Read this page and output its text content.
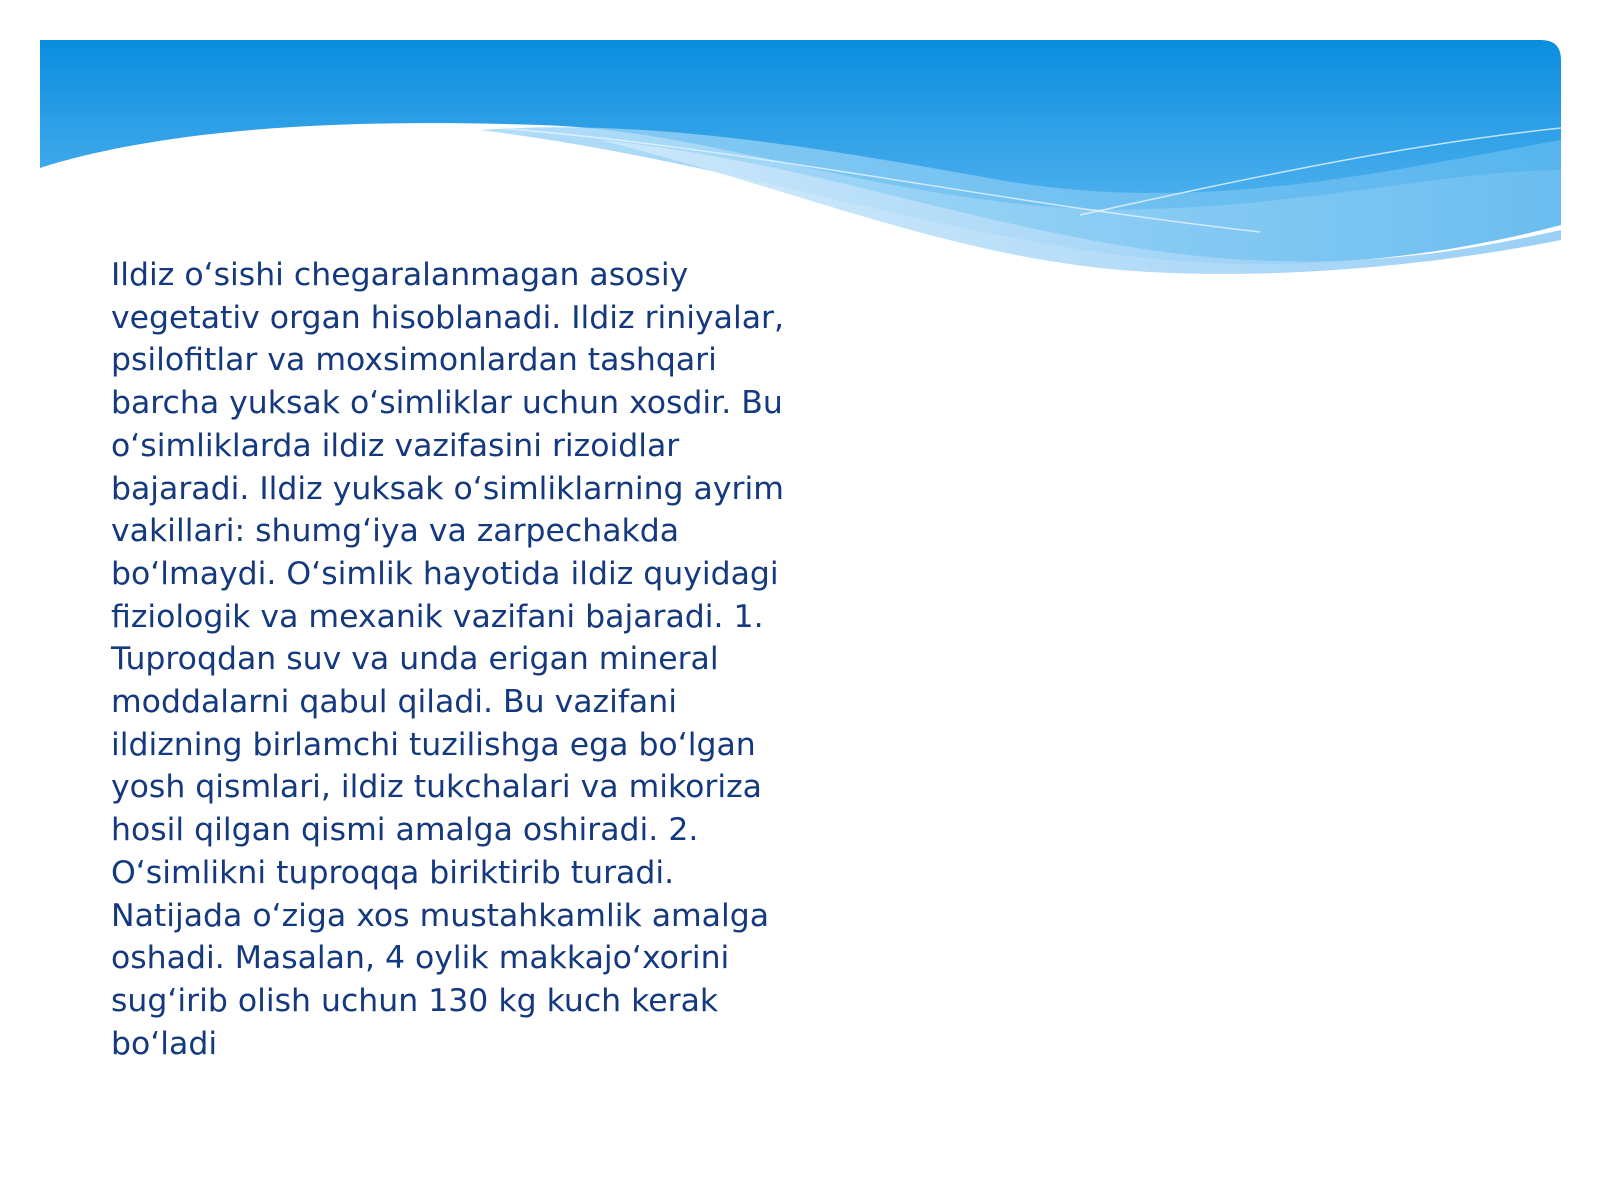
Ildiz o‘sishi chegaralanmagan asosiy vegetativ organ hisoblanadi. Ildiz riniyalar, psilofitlar va moxsimonlardan tashqari barcha yuksak o‘simliklar uchun xosdir. Bu o‘simliklarda ildiz vazifasini rizoidlar bajaradi. Ildiz yuksak o‘simliklarning ayrim vakillari: shumg‘iya va zarpechakda bo‘lmaydi. O‘simlik hayotida ildiz quyidagi fiziologik va mexanik vazifani bajaradi. 1. Tuproqdan suv va unda erigan mineral moddalarni qabul qiladi. Bu vazifani ildizning birlamchi tuzilishga ega bo‘lgan yosh qismlari, ildiz tukchalari va mikoriza hosil qilgan qismi amalga oshiradi. 2. O‘simlikni tuproqqa biriktirib turadi. Natijada o‘ziga xos mustahkamlik amalga oshadi. Masalan, 4 oylik makkajo‘xorini sug‘irib olish uchun 130 kg kuch kerak bo‘ladi
